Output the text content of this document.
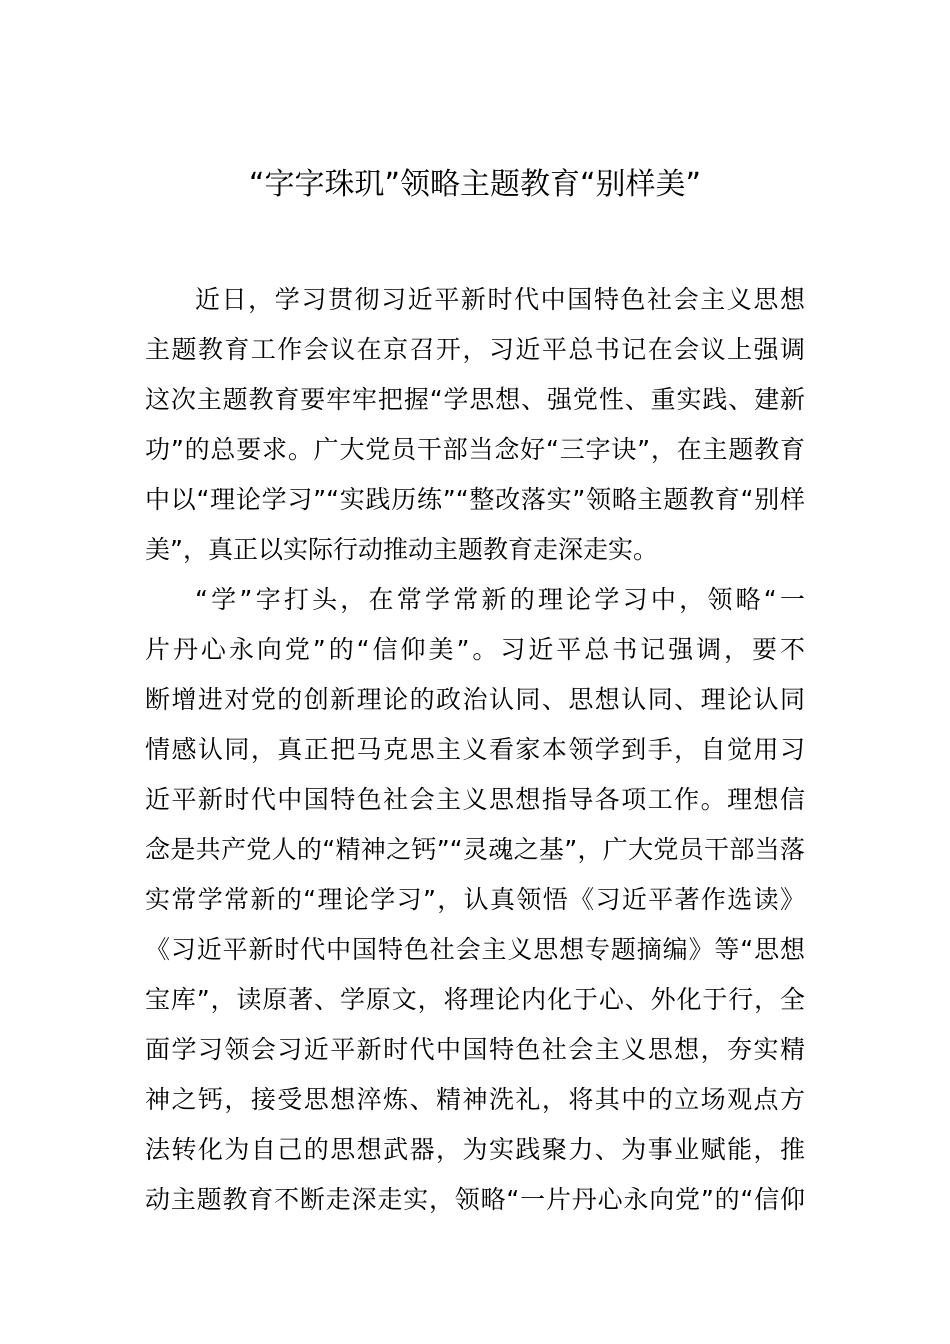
“字字珠玑”领略主题教育“别样美”
近日，学习贯彻习近平新时代中国特色社会主义思想
主题教育工作会议在京召开，习近平总书记在会议上强调
这次主题教育要牢牢把握“学思想、强党性、重实践、建新
功”的总要求。广大党员干部当念好“三字诀”，在主题教育
中以“理论学习”“实践历练”“整改落实”领略主题教育“别样
美”，真正以实际行动推动主题教育走深走实。
“学”字打头，在常学常新的理论学习中，领略“一
片丹心永向党”的“信仰美”。习近平总书记强调，要不
断增进对党的创新理论的政治认同、思想认同、理论认同
情感认同，真正把马克思主义看家本领学到手，自觉用习
近平新时代中国特色社会主义思想指导各项工作。理想信
念是共产党人的“精神之钙”“灵魂之基”，广大党员干部当落
实常学常新的“理论学习”，认真领悟《习近平著作选读》
《习近平新时代中国特色社会主义思想专题摘编》等“思想
宝库”，读原著、学原文，将理论内化于心、外化于行，全
面学习领会习近平新时代中国特色社会主义思想，夯实精
神之钙，接受思想淬炼、精神洗礼，将其中的立场观点方
法转化为自己的思想武器，为实践聚力、为事业赋能，推
动主题教育不断走深走实，领略“一片丹心永向党”的“信仰
